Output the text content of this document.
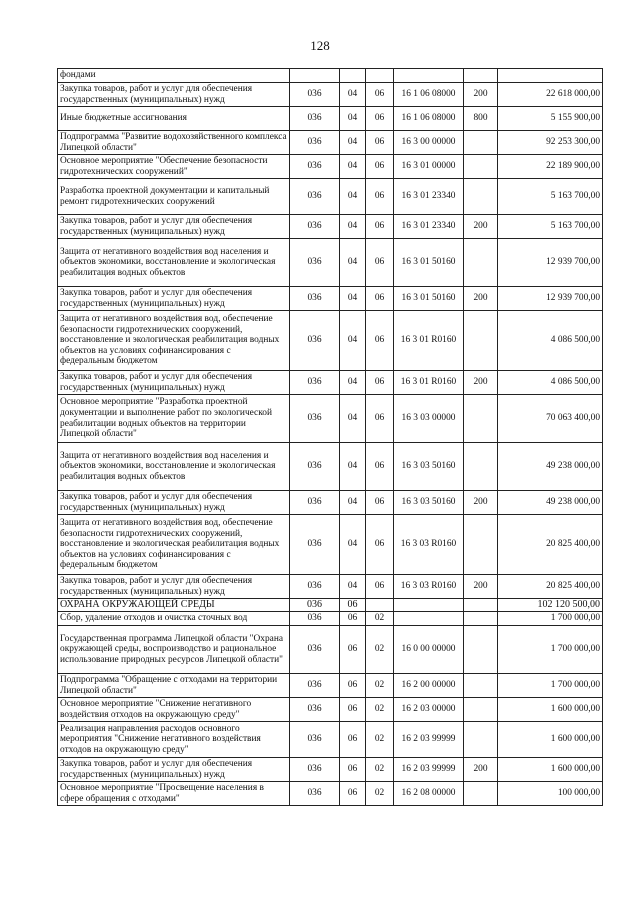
128
фондами						
Закупка товаров, работ и услуг для обеспечения государственных (муниципальных) нужд	036	04	06	16 1 06 08000	200	22 618 000,00
Иные бюджетные ассигнования	036	04	06	16 1 06 08000	800	5 155 900,00
Подпрограмма "Развитие водохозяйственного комплекса Липецкой области"	036	04	06	16 3 00 00000		92 253 300,00
Основное мероприятие "Обеспечение безопасности гидротехнических сооружений"	036	04	06	16 3 01 00000		22 189 900,00
Разработка проектной документации и капитальный ремонт гидротехнических сооружений	036	04	06	16 3 01 23340		5 163 700,00
Закупка товаров, работ и услуг для обеспечения государственных (муниципальных) нужд	036	04	06	16 3 01 23340	200	5 163 700,00
Защита от негативного воздействия вод населения и объектов экономики, восстановление и экологическая реабилитация водных объектов	036	04	06	16 3 01 50160		12 939 700,00
Закупка товаров, работ и услуг для обеспечения государственных (муниципальных) нужд	036	04	06	16 3 01 50160	200	12 939 700,00
Защита от негативного воздействия вод, обеспечение безопасности гидротехнических сооружений, восстановление и экологическая реабилитация водных объектов на условиях софинансирования с федеральным бюджетом	036	04	06	16 3 01 R0160		4 086 500,00
Закупка товаров, работ и услуг для обеспечения государственных (муниципальных) нужд	036	04	06	16 3 01 R0160	200	4 086 500,00
Основное мероприятие "Разработка проектной документации и выполнение работ по экологической реабилитации водных объектов на территории Липецкой области"	036	04	06	16 3 03 00000		70 063 400,00
Защита от негативного воздействия вод населения и объектов экономики, восстановление и экологическая реабилитация водных объектов	036	04	06	16 3 03 50160		49 238 000,00
Закупка товаров, работ и услуг для обеспечения государственных (муниципальных) нужд	036	04	06	16 3 03 50160	200	49 238 000,00
Защита от негативного воздействия вод, обеспечение безопасности гидротехнических сооружений, восстановление и экологическая реабилитация водных объектов на условиях софинансирования с федеральным бюджетом	036	04	06	16 3 03 R0160		20 825 400,00
Закупка товаров, работ и услуг для обеспечения государственных (муниципальных) нужд	036	04	06	16 3 03 R0160	200	20 825 400,00
ОХРАНА ОКРУЖАЮЩЕЙ СРЕДЫ	036	06				102 120 500,00
Сбор, удаление отходов и очистка сточных вод	036	06	02			1 700 000,00
Государственная программа Липецкой области "Охрана окружающей среды, воспроизводство и рациональное использование природных ресурсов Липецкой области"	036	06	02	16 0 00 00000		1 700 000,00
Подпрограмма "Обращение с отходами на территории Липецкой области"	036	06	02	16 2 00 00000		1 700 000,00
Основное мероприятие "Снижение негативного воздействия отходов на окружающую среду"	036	06	02	16 2 03 00000		1 600 000,00
Реализация направления расходов основного мероприятия "Снижение негативного воздействия отходов на окружающую среду"	036	06	02	16 2 03 99999		1 600 000,00
Закупка товаров, работ и услуг для обеспечения государственных (муниципальных) нужд	036	06	02	16 2 03 99999	200	1 600 000,00
Основное мероприятие "Просвещение населения в сфере обращения с отходами"	036	06	02	16 2 08 00000		100 000,00
